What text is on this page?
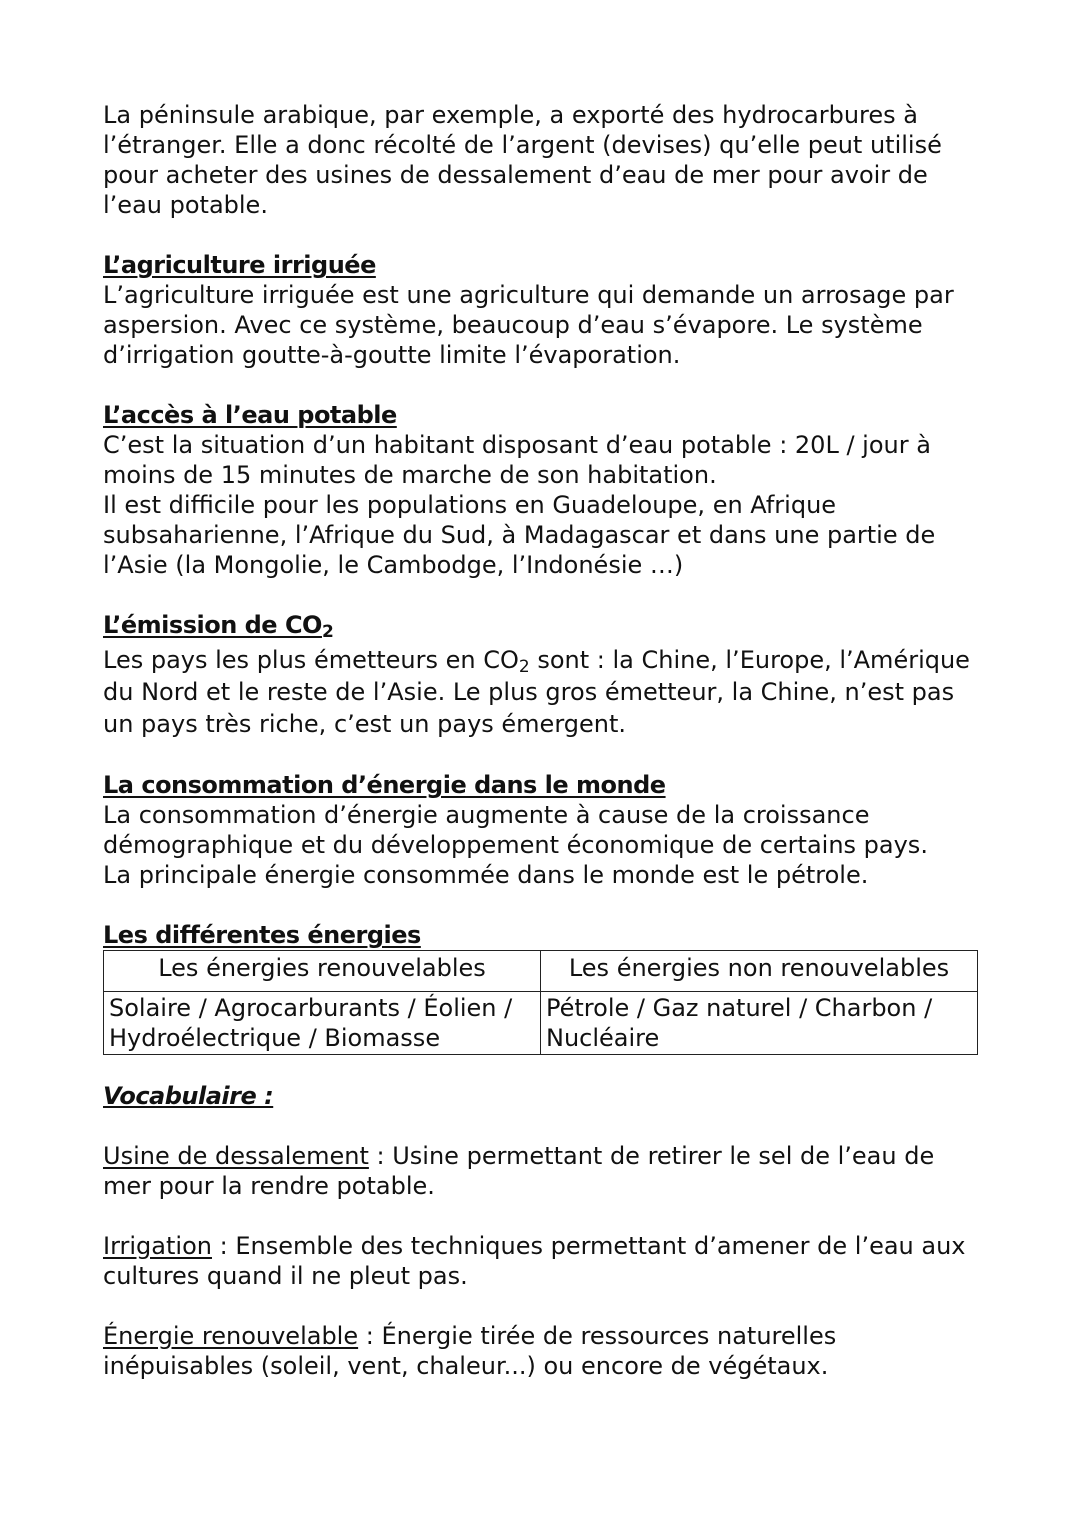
La péninsule arabique, par exemple, a exporté des hydrocarbures à l’étranger. Elle a donc récolté de l’argent (devises) qu’elle peut utilisé pour acheter des usines de dessalement d’eau de mer pour avoir de l’eau potable.

L’agriculture irriguée

L’agriculture irriguée est une agriculture qui demande un arrosage par aspersion. Avec ce système, beaucoup d’eau s’évapore. Le système d’irrigation goutte-à-goutte limite l’évaporation.

L’accès à l’eau potable

C’est la situation d’un habitant disposant d’eau potable : 20L / jour à moins de 15 minutes de marche de son habitation.

Il est difficile pour les populations en Guadeloupe, en Afrique subsaharienne, l’Afrique du Sud, à Madagascar et dans une partie de l’Asie (la Mongolie, le Cambodge, l’Indonésie …)

L’émission de $CO_2$

Les pays les plus émetteurs en $CO_2$ sont : la Chine, l’Europe, l’Amérique du Nord et le reste de l’Asie. Le plus gros émetteur, la Chine, n’est pas un pays très riche, c’est un pays émergent.

La consommation d’énergie dans le monde

La consommation d’énergie augmente à cause de la croissance démographique et du développement économique de certains pays.

La principale énergie consommée dans le monde est le pétrole.

Les différentes énergies
Les énergies renouvelables	Les énergies non renouvelables
Solaire / Agrocarburants / Éolien / Hydroélectrique / Biomasse	Pétrole / Gaz naturel / Charbon / Nucléaire
Vocabulaire :

Usine de dessalement : Usine permettant de retirer le sel de l’eau de mer pour la rendre potable.

Irrigation : Ensemble des techniques permettant d’amener de l’eau aux cultures quand il ne pleut pas.

Énergie renouvelable : Énergie tirée de ressources naturelles inépuisables (soleil, vent, chaleur...) ou encore de végétaux.
